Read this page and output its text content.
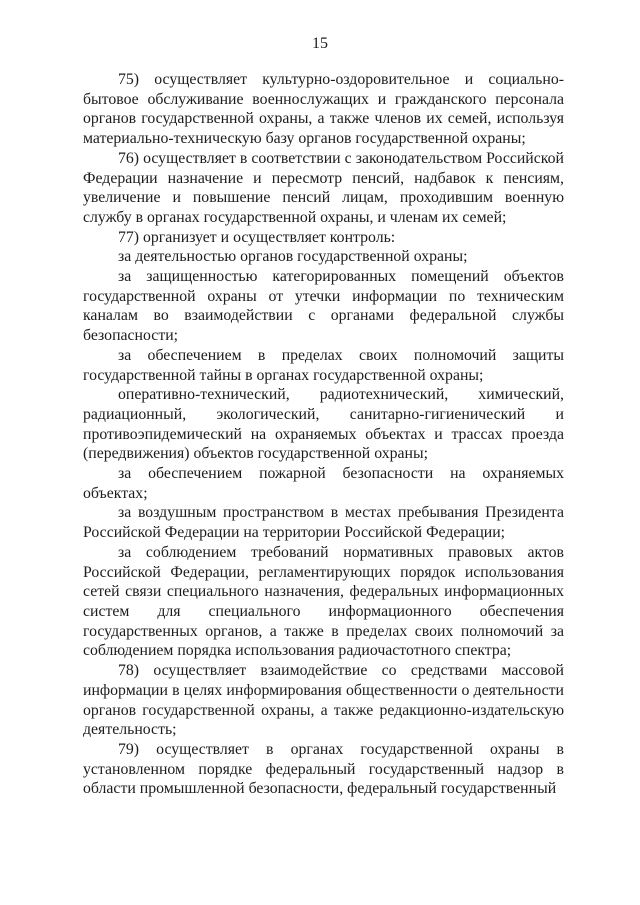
15

75) осуществляет культурно-оздоровительное и социально-бытовое обслуживание военнослужащих и гражданского персонала органов государственной охраны, а также членов их семей, используя материально-техническую базу органов государственной охраны;

76) осуществляет в соответствии с законодательством Российской Федерации назначение и пересмотр пенсий, надбавок к пенсиям, увеличение и повышение пенсий лицам, проходившим военную службу в органах государственной охраны, и членам их семей;

77) организует и осуществляет контроль:

за деятельностью органов государственной охраны;

за защищенностью категорированных помещений объектов государственной охраны от утечки информации по техническим каналам во взаимодействии с органами федеральной службы безопасности;

за обеспечением в пределах своих полномочий защиты государственной тайны в органах государственной охраны;

оперативно-технический, радиотехнический, химический, радиационный, экологический, санитарно-гигиенический и противоэпидемический на охраняемых объектах и трассах проезда (передвижения) объектов государственной охраны;

за обеспечением пожарной безопасности на охраняемых объектах;

за воздушным пространством в местах пребывания Президента Российской Федерации на территории Российской Федерации;

за соблюдением требований нормативных правовых актов Российской Федерации, регламентирующих порядок использования сетей связи специального назначения, федеральных информационных систем для специального информационного обеспечения государственных органов, а также в пределах своих полномочий за соблюдением порядка использования радиочастотного спектра;

78) осуществляет взаимодействие со средствами массовой информации в целях информирования общественности о деятельности органов государственной охраны, а также редакционно-издательскую деятельность;

79) осуществляет в органах государственной охраны в установленном порядке федеральный государственный надзор в области промышленной безопасности, федеральный государственный
